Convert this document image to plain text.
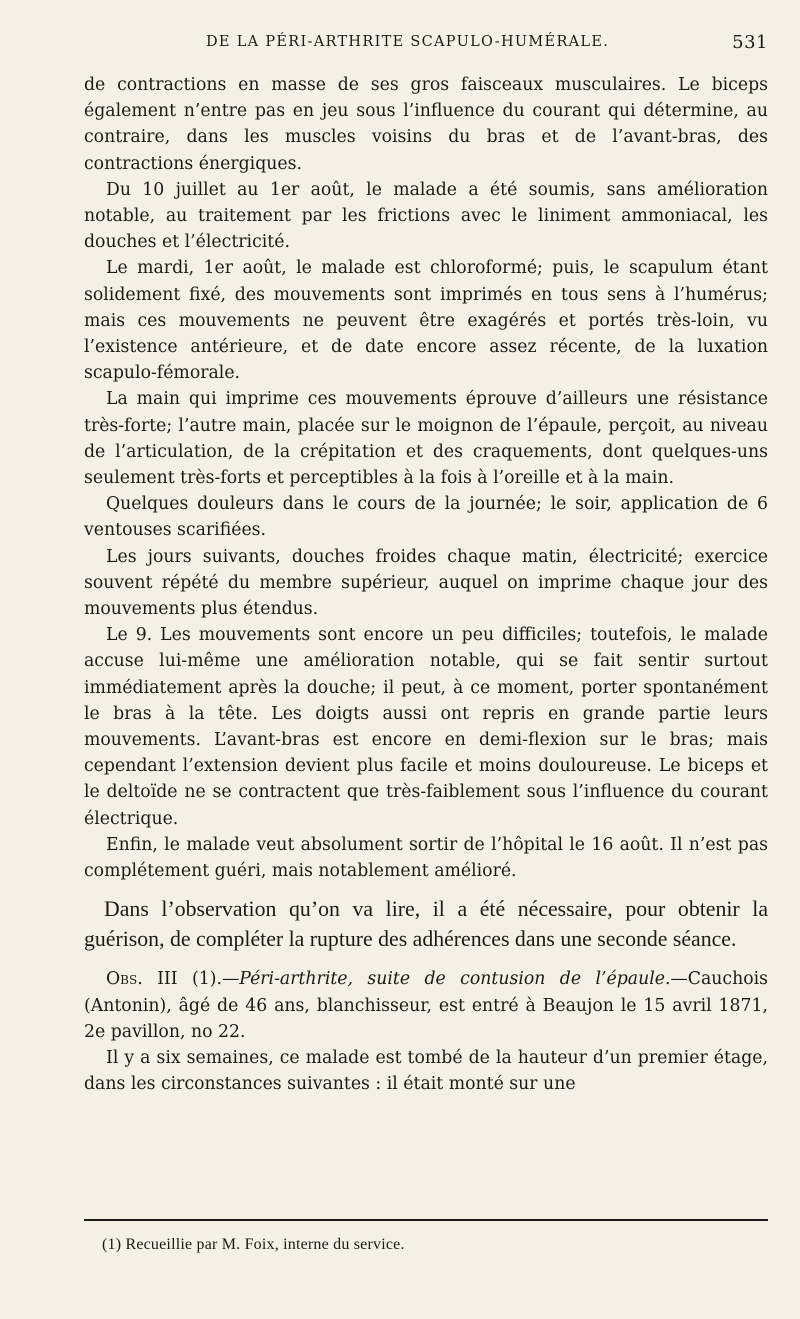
DE LA PÉRI-ARTHRITE SCAPULO-HUMÉRALE.	531

de contractions en masse de ses gros faisceaux musculaires. Le biceps également n’entre pas en jeu sous l’influence du courant qui détermine, au contraire, dans les muscles voisins du bras et de l’avant-bras, des contractions énergiques.

Du 10 juillet au 1er août, le malade a été soumis, sans amélioration notable, au traitement par les frictions avec le liniment ammoniacal, les douches et l’électricité.

Le mardi, 1er août, le malade est chloroformé; puis, le scapulum étant solidement fixé, des mouvements sont imprimés en tous sens à l’humérus; mais ces mouvements ne peuvent être exagérés et portés très-loin, vu l’existence antérieure, et de date encore assez récente, de la luxation scapulo-fémorale.

La main qui imprime ces mouvements éprouve d’ailleurs une résistance très-forte; l’autre main, placée sur le moignon de l’épaule, perçoit, au niveau de l’articulation, de la crépitation et des craquements, dont quelques-uns seulement très-forts et perceptibles à la fois à l’oreille et à la main.

Quelques douleurs dans le cours de la journée; le soir, application de 6 ventouses scarifiées.

Les jours suivants, douches froides chaque matin, électricité; exercice souvent répété du membre supérieur, auquel on imprime chaque jour des mouvements plus étendus.

Le 9. Les mouvements sont encore un peu difficiles; toutefois, le malade accuse lui-même une amélioration notable, qui se fait sentir surtout immédiatement après la douche; il peut, à ce moment, porter spontanément le bras à la tête. Les doigts aussi ont repris en grande partie leurs mouvements. L’avant-bras est encore en demi-flexion sur le bras; mais cependant l’extension devient plus facile et moins douloureuse. Le biceps et le deltoïde ne se contractent que très-faiblement sous l’influence du courant électrique.

Enfin, le malade veut absolument sortir de l’hôpital le 16 août. Il n’est pas complétement guéri, mais notablement amélioré.

Dans l’observation qu’on va lire, il a été nécessaire, pour obtenir la guérison, de compléter la rupture des adhérences dans une seconde séance.

Obs. III (1).—Péri-arthrite, suite de contusion de l’épaule.—Cauchois (Antonin), âgé de 46 ans, blanchisseur, est entré à Beaujon le 15 avril 1871, 2e pavillon, no 22.

Il y a six semaines, ce malade est tombé de la hauteur d’un premier étage, dans les circonstances suivantes : il était monté sur une

(1) Recueillie par M. Foix, interne du service.
